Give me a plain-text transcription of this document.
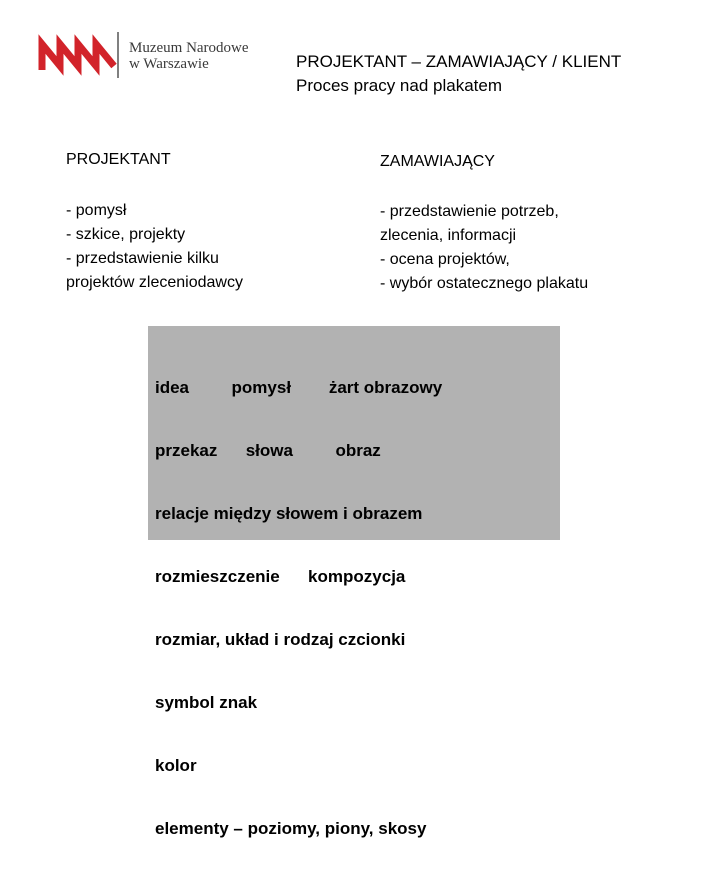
Muzeum Narodowe
w Warszawie	PROJEKTANT – ZAMAWIAJĄCY / KLIENT
Proces pracy nad plakatem
PROJEKTANT
- pomysł
- szkice, projekty
- przedstawienie kilku
projektów zleceniodawcy
ZAMAWIAJĄCY
- przedstawienie potrzeb,
zlecenia, informacji
- ocena projektów,
- wybór ostatecznego plakatu

idea         pomysł        żart obrazowy

przekaz      słowa         obraz

relacje między słowem i obrazem

rozmieszczenie      kompozycja

rozmiar, układ i rodzaj czcionki

symbol znak

kolor

elementy – poziomy, piony, skosy
